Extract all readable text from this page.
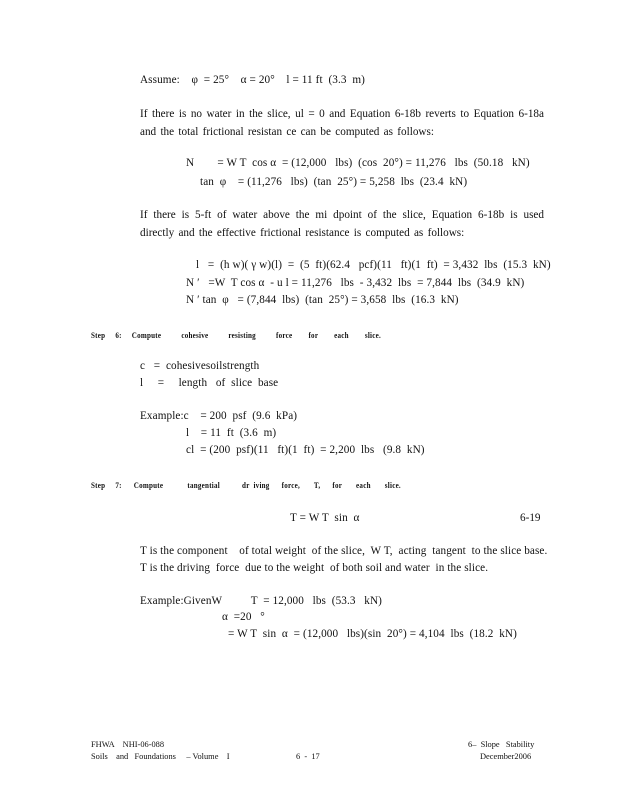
Assume:    φ  = 25°    α = 20°    l = 11 ft  (3.3  m)
If there is no water in the slice, ul = 0 and Equation 6-18b reverts to Equation 6-18a and the total frictional resistan ce can be computed as follows:
N        = W T  cos α  = (12,000   lbs)  (cos  20°) = 11,276   lbs  (50.18   kN)
tan  φ    = (11,276   lbs)  (tan  25°) = 5,258  lbs  (23.4  kN)
If there is 5-ft of water above the mi dpoint of the slice, Equation 6-18b is used directly and the effective frictional resistance is computed as follows:
l   =  (h w)( γ w)(l)  =  (5  ft)(62.4   pcf)(11   ft)(1  ft)  = 3,432  lbs  (15.3  kN)
N ′   =W  T cos α  - u l = 11,276   lbs  - 3,432  lbs  = 7,844  lbs  (34.9  kN)
N ′ tan  φ   = (7,844  lbs)  (tan  25°) = 3,658  lbs  (16.3  kN)
Step     6:     Compute          cohesive          resisting          force        for        each        slice.
c   =  cohesivesoilstrength
l     =     length   of  slice  base
Example:c    = 200  psf  (9.6  kPa)
l    = 11  ft  (3.6  m)
cl  = (200  psf)(11   ft)(1  ft)  = 2,200  lbs   (9.8  kN)
Step     7:      Compute            tangential           dr  iving      force,       T,      for       each       slice.
T = W T  sin  α	6-19
T is the component    of total weight  of the slice,  W T,  acting  tangent  to the slice base.
T is the driving  force  due to the weight  of both soil and water  in the slice.
Example:GivenW          T  = 12,000   lbs  (53.3   kN)
α  =20   °
= W T  sin  α  = (12,000   lbs)(sin  20°) = 4,104  lbs  (18.2  kN)
FHWA    NHI-06-088
Soils    and   Foundations     – Volume    I	6  -  17
6–  Slope   Stability
December2006
